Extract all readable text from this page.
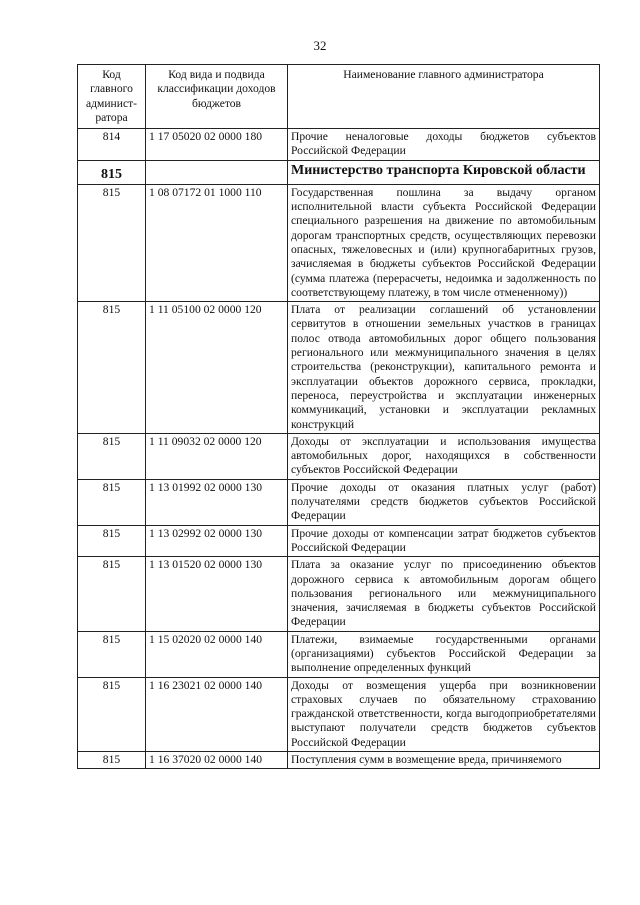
32
Код главного админист-ратора	Код вида и подвида классификации доходов бюджетов	Наименование главного администратора
814	1 17 05020 02 0000 180	Прочие неналоговые доходы бюджетов субъектов Российской Федерации
815		Министерство транспорта Кировской области
815	1 08 07172 01 1000 110	Государственная пошлина за выдачу органом исполнительной власти субъекта Российской Федерации специального разрешения на движение по автомобильным дорогам транспортных средств, осуществляющих перевозки опасных, тяжеловесных и (или) крупногабаритных грузов, зачисляемая в бюджеты субъектов Российской Федерации (сумма платежа (перерасчеты, недоимка и задолженность по соответствующему платежу, в том числе отмененному))
815	1 11 05100 02 0000 120	Плата от реализации соглашений об установлении сервитутов в отношении земельных участков в границах полос отвода автомобильных дорог общего пользования регионального или межмуниципального значения в целях строительства (реконструкции), капитального ремонта и эксплуатации объектов дорожного сервиса, прокладки, переноса, переустройства и эксплуатации инженерных коммуникаций, установки и эксплуатации рекламных конструкций
815	1 11 09032 02 0000 120	Доходы от эксплуатации и использования имущества автомобильных дорог, находящихся в собственности субъектов Российской Федерации
815	1 13 01992 02 0000 130	Прочие доходы от оказания платных услуг (работ) получателями средств бюджетов субъектов Российской Федерации
815	1 13 02992 02 0000 130	Прочие доходы от компенсации затрат бюджетов субъектов Российской Федерации
815	1 13 01520 02 0000 130	Плата за оказание услуг по присоединению объектов дорожного сервиса к автомобильным дорогам общего пользования регионального или межмуниципального значения, зачисляемая в бюджеты субъектов Российской Федерации
815	1 15 02020 02 0000 140	Платежи, взимаемые государственными органами (организациями) субъектов Российской Федерации за выполнение определенных функций
815	1 16 23021 02 0000 140	Доходы от возмещения ущерба при возникновении страховых случаев по обязательному страхованию гражданской ответственности, когда выгодоприобретателями выступают получатели средств бюджетов субъектов Российской Федерации
815	1 16 37020 02 0000 140	Поступления сумм в возмещение вреда, причиняемого
